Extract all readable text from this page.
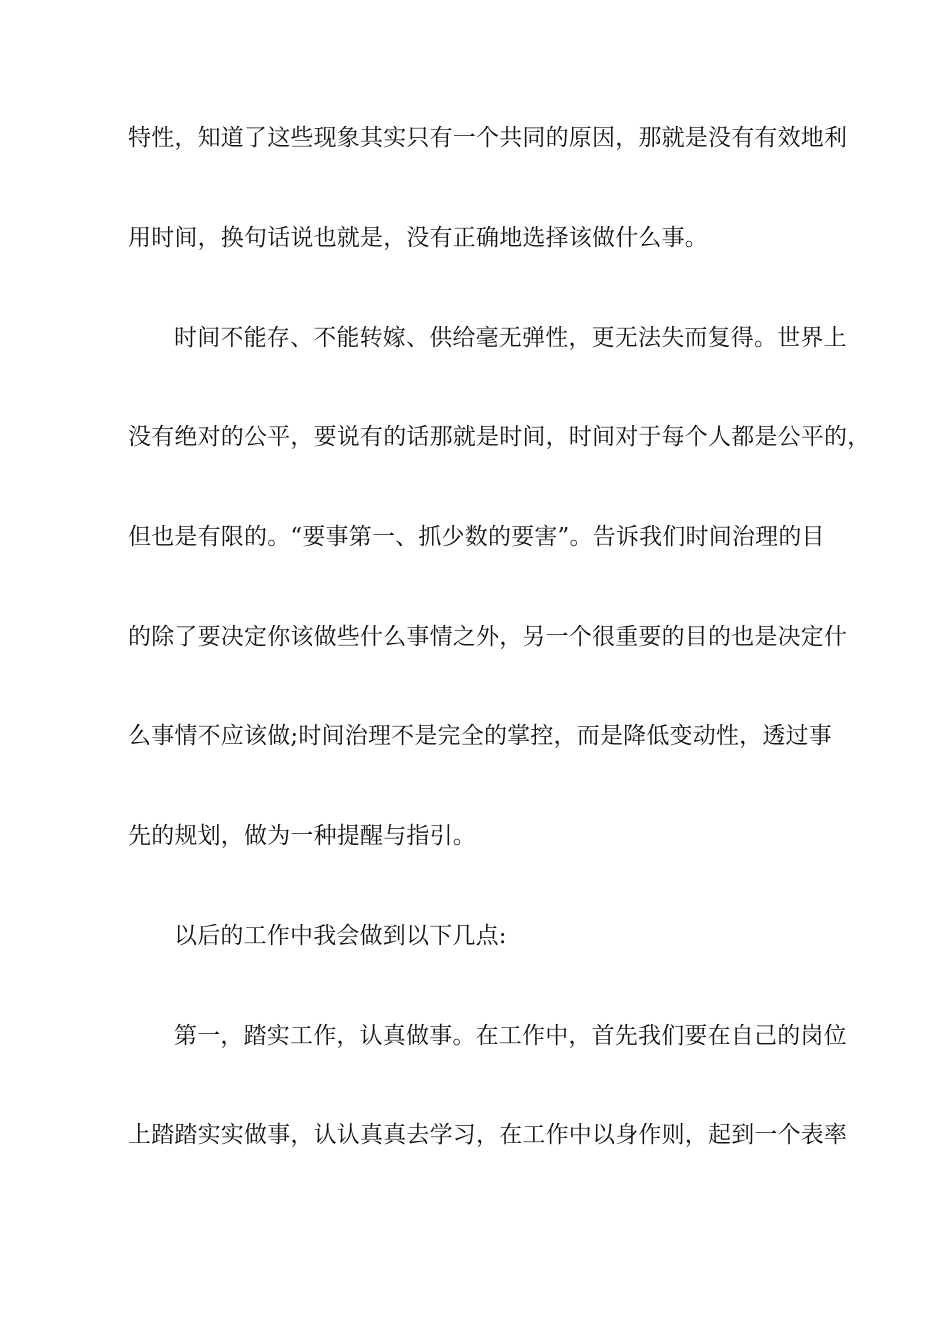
特性，知道了这些现象其实只有一个共同的原因，那就是没有有效地利
用时间，换句话说也就是，没有正确地选择该做什么事。
时间不能存、不能转嫁、供给毫无弹性，更无法失而复得。世界上
没有绝对的公平，要说有的话那就是时间，时间对于每个人都是公平的，
但也是有限的。“要事第一、抓少数的要害”。告诉我们时间治理的目
的除了要决定你该做些什么事情之外，另一个很重要的目的也是决定什
么事情不应该做;时间治理不是完全的掌控，而是降低变动性，透过事
先的规划，做为一种提醒与指引。
以后的工作中我会做到以下几点:
第一，踏实工作，认真做事。在工作中，首先我们要在自己的岗位
上踏踏实实做事，认认真真去学习，在工作中以身作则，起到一个表率
